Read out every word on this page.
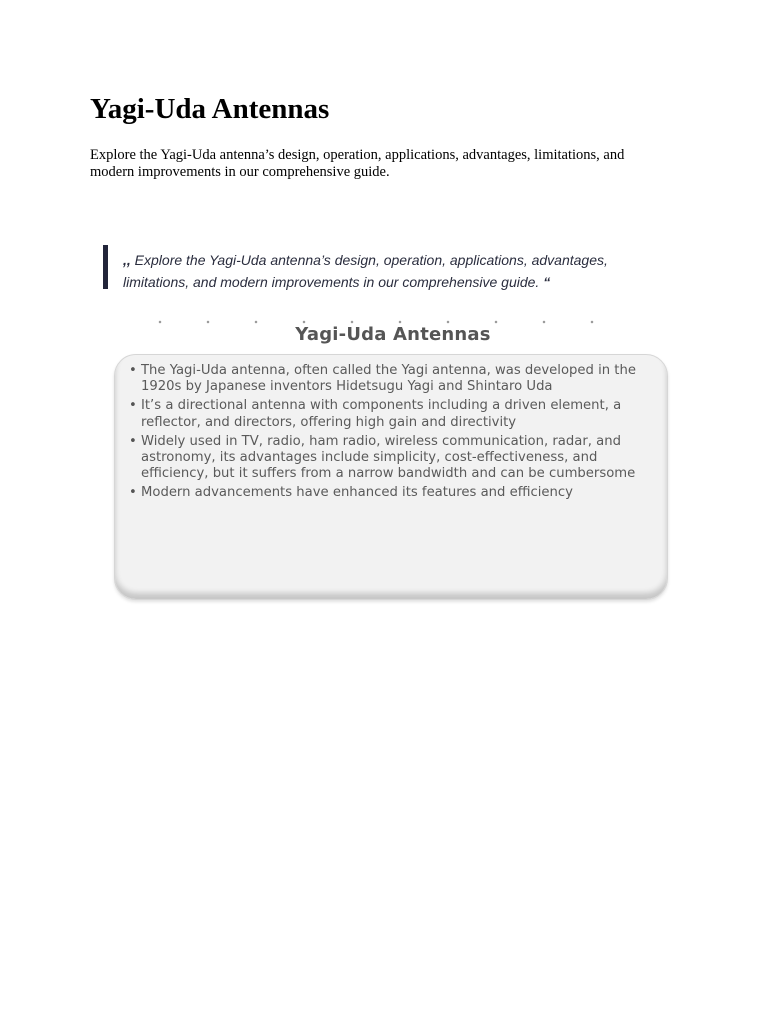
Yagi-Uda Antennas

Explore the Yagi-Uda antenna’s design, operation, applications, advantages, limitations, and modern improvements in our comprehensive guide.

,, Explore the Yagi-Uda antenna’s design, operation, applications, advantages, limitations, and modern improvements in our comprehensive guide. “

Yagi-Uda Antennas
• The Yagi-Uda antenna, often called the Yagi antenna, was developed in the 1920s by Japanese inventors Hidetsugu Yagi and Shintaro Uda
• It’s a directional antenna with components including a driven element, a reflector, and directors, offering high gain and directivity
• Widely used in TV, radio, ham radio, wireless communication, radar, and astronomy, its advantages include simplicity, cost-effectiveness, and efficiency, but it suffers from a narrow bandwidth and can be cumbersome
• Modern advancements have enhanced its features and efficiency
